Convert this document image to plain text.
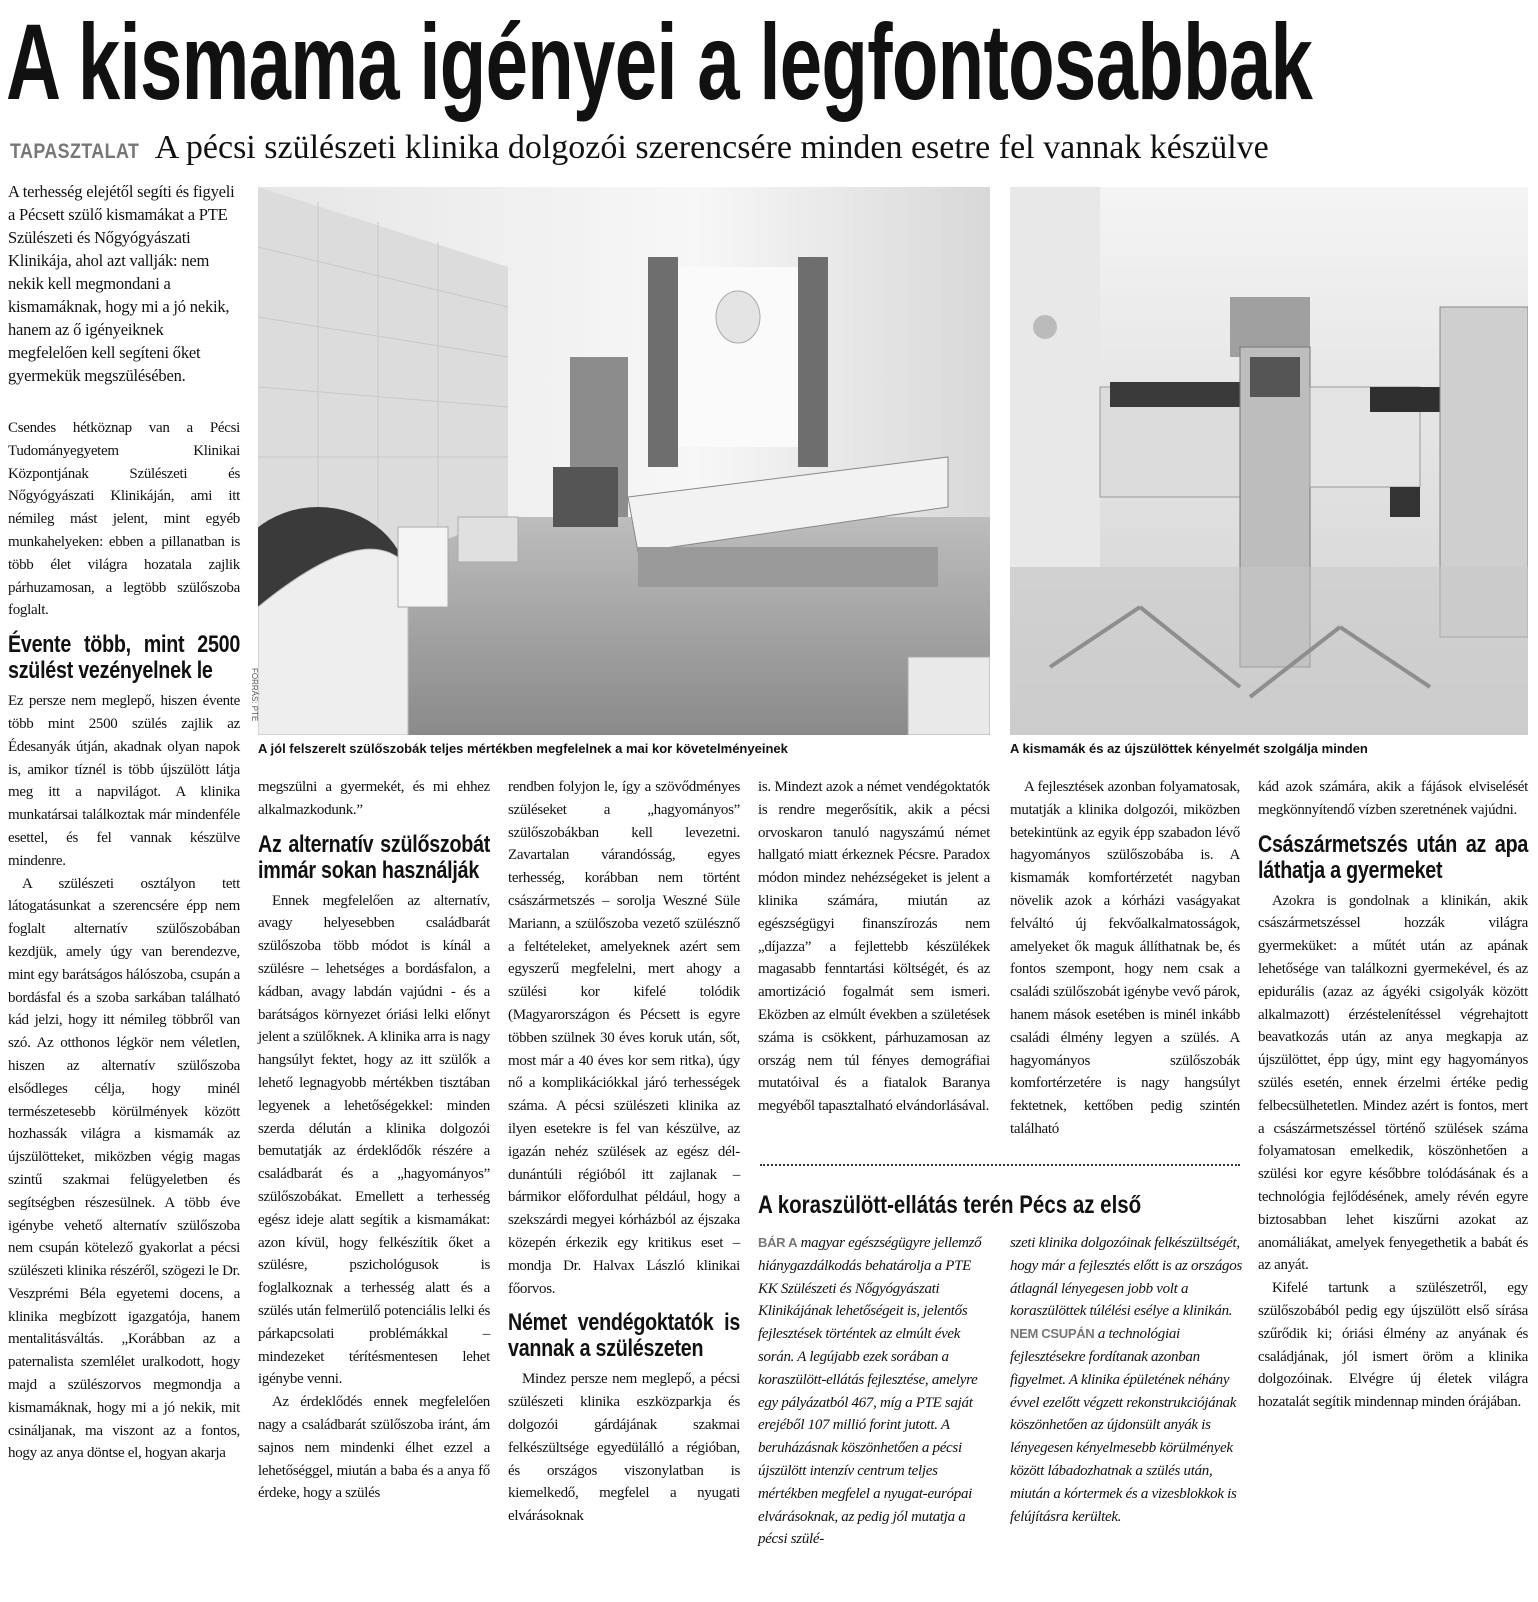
A kismama igényei a legfontosabbak
TAPASZTALAT A pécsi szülészeti klinika dolgozói szerencsére minden esetre fel vannak készülve

A terhesség elejétől segíti és figyeli a Pécsett szülő kismamákat a PTE Szülészeti és Nőgyógyászati Klinikája, ahol azt vallják: nem nekik kell megmondani a kismamáknak, hogy mi a jó nekik, hanem az ő igényeiknek megfelelően kell segíteni őket gyermekük megszülésében.

Csendes hétköznap van a Pécsi Tudományegyetem Klinikai Központjának Szülészeti és Nőgyógyászati Klinikáján, ami itt némileg mást jelent, mint egyéb munkahelyeken: ebben a pillanatban is több élet világra hozatala zajlik párhuzamosan, a legtöbb szülőszoba foglalt.

Évente több, mint 2500 szülést vezényelnek le

Ez persze nem meglepő, hiszen évente több mint 2500 szülés zajlik az Édesanyák útján, akadnak olyan napok is, amikor tíznél is több újszülött látja meg itt a napvilágot. A klinika munkatársai találkoztak már mindenféle esettel, és fel vannak készülve mindenre.

A szülészeti osztályon tett látogatásunkat a szerencsére épp nem foglalt alternatív szülőszobában kezdjük, amely úgy van berendezve, mint egy barátságos hálószoba, csupán a bordásfal és a szoba sarkában található kád jelzi, hogy itt némileg többről van szó. Az otthonos légkör nem véletlen, hiszen az alternatív szülőszoba elsődleges célja, hogy minél természetesebb körülmények között hozhassák világra a kismamák az újszülötteket, miközben végig magas szintű szakmai felügyeletben és segítségben részesülnek. A több éve igénybe vehető alternatív szülőszoba nem csupán kötelező gyakorlat a pécsi szülészeti klinika részéről, szögezi le Dr. Veszprémi Béla egyetemi docens, a klinika megbízott igazgatója, hanem mentalitásváltás. „Korábban az a paternalista szemlélet uralkodott, hogy majd a szülészorvos megmondja a kismamáknak, hogy mi a jó nekik, mit csináljanak, ma viszont az a fontos, hogy az anya döntse el, hogyan akarja

FORRÁS: PTE
A jól felszerelt szülőszobák teljes mértékben megfelelnek a mai kor követelményeinek	A kismamák és az újszülöttek kényelmét szolgálja minden

megszülni a gyermekét, és mi ehhez alkalmazkodunk.”

Az alternatív szülőszobát immár sokan használják

Ennek megfelelően az alternatív, avagy helyesebben családbarát szülőszoba több módot is kínál a szülésre – lehetséges a bordásfalon, a kádban, avagy labdán vajúdni - és a barátságos környezet óriási lelki előnyt jelent a szülőknek. A klinika arra is nagy hangsúlyt fektet, hogy az itt szülők a lehető legnagyobb mértékben tisztában legyenek a lehetőségekkel: minden szerda délután a klinika dolgozói bemutatják az érdeklődők részére a családbarát és a „hagyományos” szülőszobákat. Emellett a terhesség egész ideje alatt segítik a kismamákat: azon kívül, hogy felkészítik őket a szülésre, pszichológusok is foglalkoznak a terhesség alatt és a szülés után felmerülő potenciális lelki és párkapcsolati problémákkal – mindezeket térítésmentesen lehet igénybe venni.

Az érdeklődés ennek megfelelően nagy a családbarát szülőszoba iránt, ám sajnos nem mindenki élhet ezzel a lehetőséggel, miután a baba és a anya fő érdeke, hogy a szülés

rendben folyjon le, így a szövődményes szüléseket a „hagyományos” szülőszobákban kell levezetni. Zavartalan várandósság, egyes terhesség, korábban nem történt császármetszés – sorolja Weszné Süle Mariann, a szülőszoba vezető szülésznő a feltételeket, amelyeknek azért sem egyszerű megfelelni, mert ahogy a szülési kor kifelé tolódik (Magyarországon és Pécsett is egyre többen szülnek 30 éves koruk után, sőt, most már a 40 éves kor sem ritka), úgy nő a komplikációkkal járó terhességek száma. A pécsi szülészeti klinika az ilyen esetekre is fel van készülve, az igazán nehéz szülések az egész dél-dunántúli régióból itt zajlanak – bármikor előfordulhat például, hogy a szekszárdi megyei kórházból az éjszaka közepén érkezik egy kritikus eset – mondja Dr. Halvax László klinikai főorvos.

Német vendégoktatók is vannak a szülészeten

Mindez persze nem meglepő, a pécsi szülészeti klinika eszközparkja és dolgozói gárdájának szakmai felkészültsége egyedülálló a régióban, és országos viszonylatban is kiemelkedő, megfelel a nyugati elvárásoknak

is. Mindezt azok a német vendégoktatók is rendre megerősítik, akik a pécsi orvoskaron tanuló nagyszámú német hallgató miatt érkeznek Pécsre. Paradox módon mindez nehézségeket is jelent a klinika számára, miután az egészségügyi finanszírozás nem „díjazza” a fejlettebb készülékek magasabb fenntartási költségét, és az amortizáció fogalmát sem ismeri. Eközben az elmúlt években a születések száma is csökkent, párhuzamosan az ország nem túl fényes demográfiai mutatóival és a fiatalok Baranya megyéből tapasztalható elvándorlásával.

A fejlesztések azonban folyamatosak, mutatják a klinika dolgozói, miközben betekintünk az egyik épp szabadon lévő hagyományos szülőszobába is. A kismamák komfortérzetét nagyban növelik azok a kórházi vaságyakat felváltó új fekvőalkalmatosságok, amelyeket ők maguk állíthatnak be, és fontos szempont, hogy nem csak a családi szülőszobát igénybe vevő párok, hanem mások esetében is minél inkább családi élmény legyen a szülés. A hagyományos szülőszobák komfortérzetére is nagy hangsúlyt fektetnek, kettőben pedig szintén található

kád azok számára, akik a fájások elviselését megkönnyítendő vízben szeretnének vajúdni.

Császármetszés után az apa láthatja a gyermeket

Azokra is gondolnak a klinikán, akik császármetszéssel hozzák világra gyermeküket: a műtét után az apának lehetősége van találkozni gyermekével, és az epidurális (azaz az ágyéki csigolyák között alkalmazott) érzéstelenítéssel végrehajtott beavatkozás után az anya megkapja az újszülöttet, épp úgy, mint egy hagyományos szülés esetén, ennek érzelmi értéke pedig felbecsülhetetlen. Mindez azért is fontos, mert a császármetszéssel történő szülések száma folyamatosan emelkedik, köszönhetően a szülési kor egyre későbbre tolódásának és a technológia fejlődésének, amely révén egyre biztosabban lehet kiszűrni azokat az anomáliákat, amelyek fenyegethetik a babát és az anyát.

Kifelé tartunk a szülészetről, egy szülőszobából pedig egy újszülött első sírása szűrődik ki; óriási élmény az anyának és családjának, jól ismert öröm a klinika dolgozóinak. Elvégre új életek világra hozatalát segítik mindennap minden órájában.

A koraszülött-ellátás terén Pécs az első

BÁR A magyar egészségügyre jellemző hiánygazdálkodás behatárolja a PTE KK Szülészeti és Nőgyógyászati Klinikájának lehetőségeit is, jelentős fejlesztések történtek az elmúlt évek során. A legújabb ezek sorában a koraszülött-ellátás fejlesztése, amelyre egy pályázatból 467, míg a PTE saját erejéből 107 millió forint jutott. A beruházásnak köszönhetően a pécsi újszülött intenzív centrum teljes mértékben megfelel a nyugat-európai elvárásoknak, az pedig jól mutatja a pécsi szülé-

szeti klinika dolgozóinak felkészültségét, hogy már a fejlesztés előtt is az országos átlagnál lényegesen jobb volt a koraszülöttek túlélési esélye a klinikán.

NEM CSUPÁN a technológiai fejlesztésekre fordítanak azonban figyelmet. A klinika épületének néhány évvel ezelőtt végzett rekonstrukciójának köszönhetően az újdonsült anyák is lényegesen kényelmesebb körülmények között lábadozhatnak a szülés után, miután a kórtermek és a vizesblokkok is felújításra kerültek.
